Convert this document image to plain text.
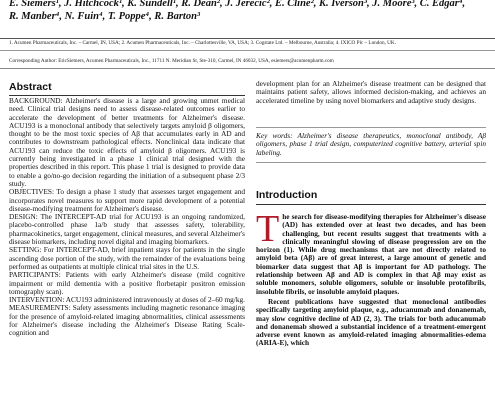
E. Siemers¹, J. Hitchcock¹, K. Sundell¹, R. Dean², J. Jerecic², E. Cline², K. Iverson³, J. Moore³, C. Edgar⁴,
R. Manber⁴, N. Fuin⁴, T. Poppe⁴, R. Barton³
1. Acumen Pharmaceuticals, Inc. – Carmel, IN, USA; 2. Acumen Pharmaceuticals, Inc. – Charlottesville, VA, USA; 3. Cogstate Ltd. – Melbourne, Australia; 4. IXICO Plc – London, UK.
Corresponding Author: EricSiemers, Acumen Pharmaceuticals, Inc., 11711 N. Meridian St, Ste-310, Carmel, IN 46032, USA, esiemers@acumenpharm.com
Abstract

BACKGROUND: Alzheimer's disease is a large and growing unmet medical need. Clinical trial designs need to assess disease-related outcomes earlier to accelerate the development of better treatments for Alzheimer's disease. ACU193 is a monoclonal antibody that selectively targets amyloid β oligomers, thought to be the most toxic species of Aβ that accumulates early in AD and contributes to downstream pathological effects. Nonclinical data indicate that ACU193 can reduce the toxic effects of amyloid β oligomers. ACU193 is currently being investigated in a phase 1 clinical trial designed with the properties described in this report. This phase 1 trial is designed to provide data to enable a go/no-go decision regarding the initiation of a subsequent phase 2/3 study.

OBJECTIVES: To design a phase 1 study that assesses target engagement and incorporates novel measures to support more rapid development of a potential disease-modifying treatment for Alzheimer's disease.

DESIGN: The INTERCEPT-AD trial for ACU193 is an ongoing randomized, placebo-controlled phase 1a/b study that assesses safety, tolerability, pharmacokinetics, target engagement, clinical measures, and several Alzheimer's disease biomarkers, including novel digital and imaging biomarkers.

SETTING: For INTERCEPT-AD, brief inpatient stays for patients in the single ascending dose portion of the study, with the remainder of the evaluations being performed as outpatients at multiple clinical trial sites in the U.S.

PARTICIPANTS: Patients with early Alzheimer's disease (mild cognitive impairment or mild dementia with a positive florbetapir positron emission tomography scan).

INTERVENTION: ACU193 administered intravenously at doses of 2–60 mg/kg.

MEASUREMENTS: Safety assessments including magnetic resonance imaging for the presence of amyloid-related imaging abnormalities, clinical assessments for Alzheimer's disease including the Alzheimer's Disease Rating Scale-cognition and

development plan for an Alzheimer's disease treatment can be designed that maintains patient safety, allows informed decision-making, and achieves an accelerated timeline by using novel biomarkers and adaptive study designs.

Key words: Alzheimer's disease therapeutics, monoclonal antibody, Aβ oligomers, phase 1 trial design, computerized cognitive battery, arterial spin labeling.

Introduction

The search for disease-modifying therapies for Alzheimer's disease (AD) has extended over at least two decades, and has been challenging, but recent results suggest that treatments with a clinically meaningful slowing of disease progression are on the horizon (1). While drug mechanisms that are not directly related to amyloid beta (Aβ) are of great interest, a large amount of genetic and biomarker data suggest that Aβ is important for AD pathology. The relationship between Aβ and AD is complex in that Aβ may exist as soluble monomers, soluble oligomers, soluble or insoluble protofibrils, insoluble fibrils, or insoluble amyloid plaques.

Recent publications have suggested that monoclonal antibodies specifically targeting amyloid plaque, e.g., aducanumab and donanemab, may slow cognitive decline of AD (2, 3). The trials for both aducanumab and donanemab showed a substantial incidence of a treatment-emergent adverse event known as amyloid-related imaging abnormalities-edema (ARIA-E), which
